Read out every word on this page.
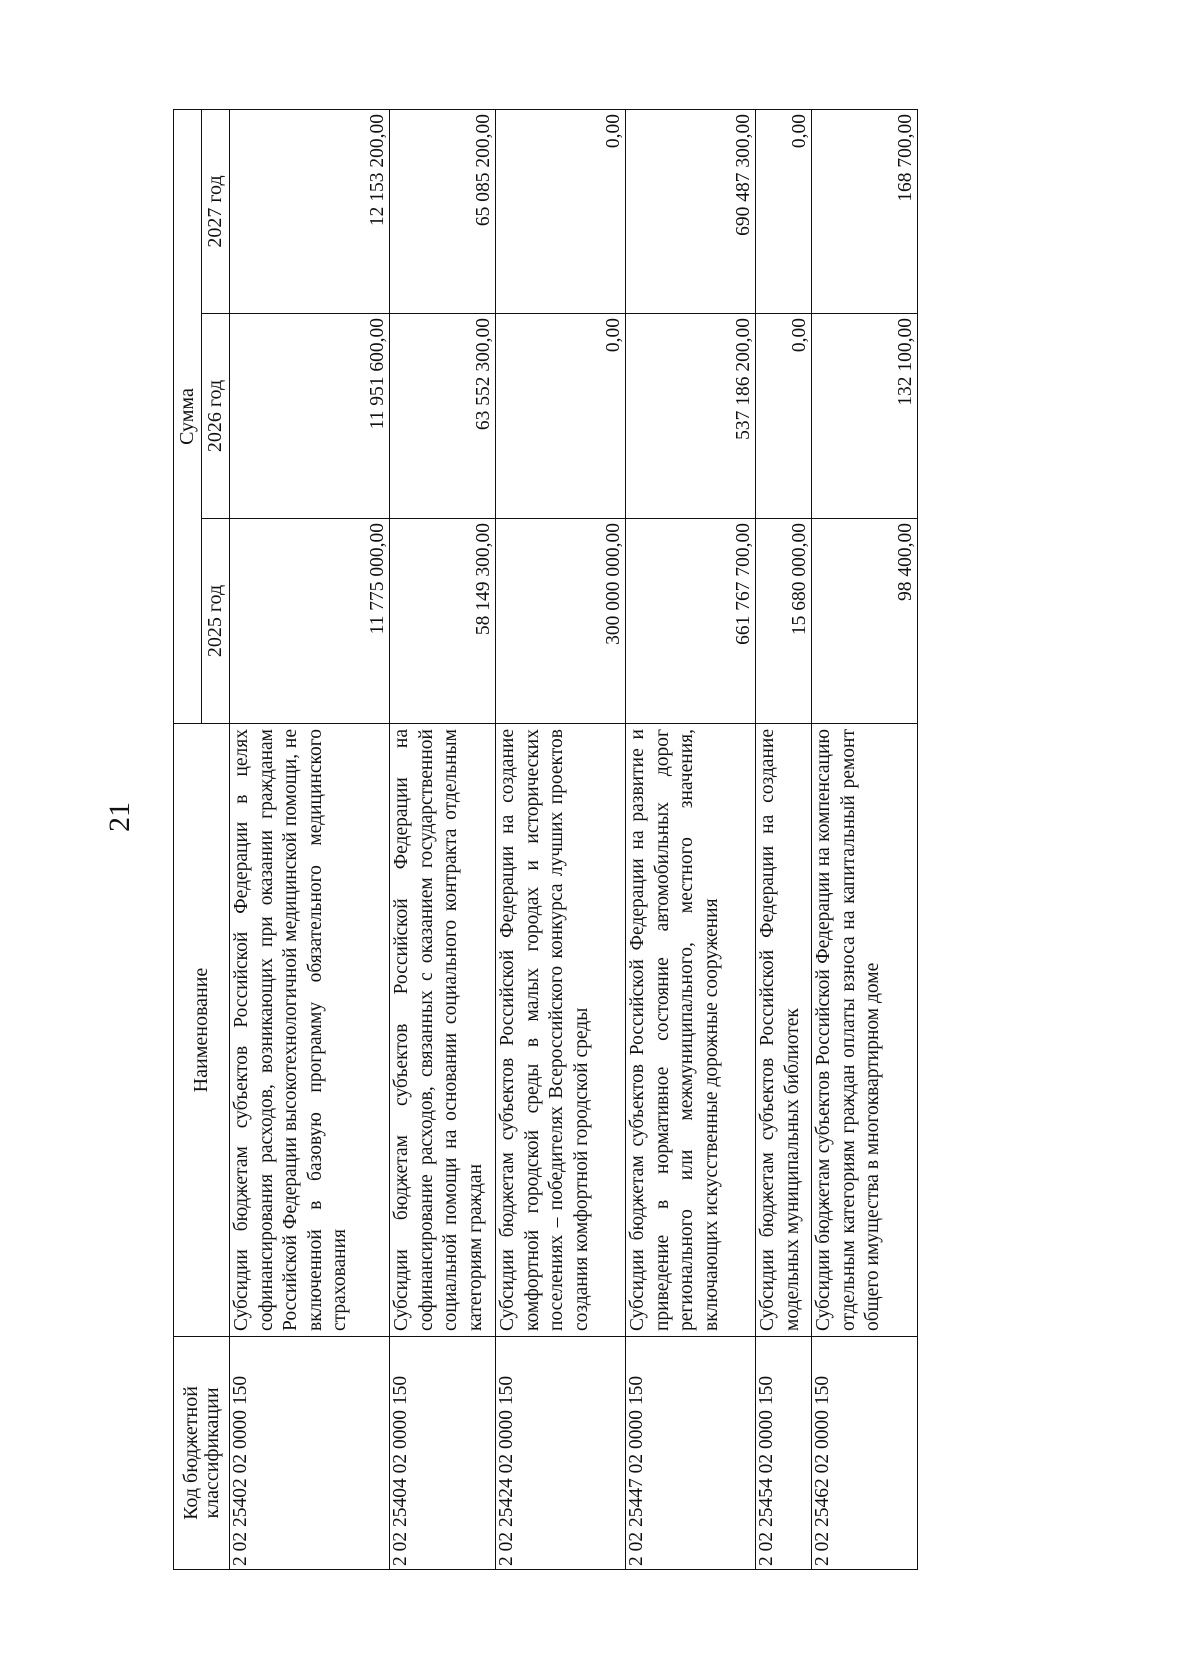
21
Код бюджетной классификации	Наименование	Сумма		
		2025 год	2026 год	2027 год
2 02 25402 02 0000 150	Субсидии бюджетам субъектов Российской Федерации в целях софинансирования расходов, возникающих при оказании гражданам Российской Федерации высокотехнологичной медицинской помощи, не включенной в базовую программу обязательного медицинского страхования	11 775 000,00	11 951 600,00	12 153 200,00
2 02 25404 02 0000 150	Субсидии бюджетам субъектов Российской Федерации на софинансирование расходов, связанных с оказанием государственной социальной помощи на основании социального контракта отдельным категориям граждан	58 149 300,00	63 552 300,00	65 085 200,00
2 02 25424 02 0000 150	Субсидии бюджетам субъектов Российской Федерации на создание комфортной городской среды в малых городах и исторических поселениях – победителях Всероссийского конкурса лучших проектов создания комфортной городской среды	300 000 000,00	0,00	0,00
2 02 25447 02 0000 150	Субсидии бюджетам субъектов Российской Федерации на развитие и приведение в нормативное состояние автомобильных дорог регионального или межмуниципального, местного значения, включающих искусственные дорожные сооружения	661 767 700,00	537 186 200,00	690 487 300,00
2 02 25454 02 0000 150	Субсидии бюджетам субъектов Российской Федерации на создание модельных муниципальных библиотек	15 680 000,00	0,00	0,00
2 02 25462 02 0000 150	Субсидии бюджетам субъектов Российской Федерации на компенсацию отдельным категориям граждан оплаты взноса на капитальный ремонт общего имущества в многоквартирном доме	98 400,00	132 100,00	168 700,00
